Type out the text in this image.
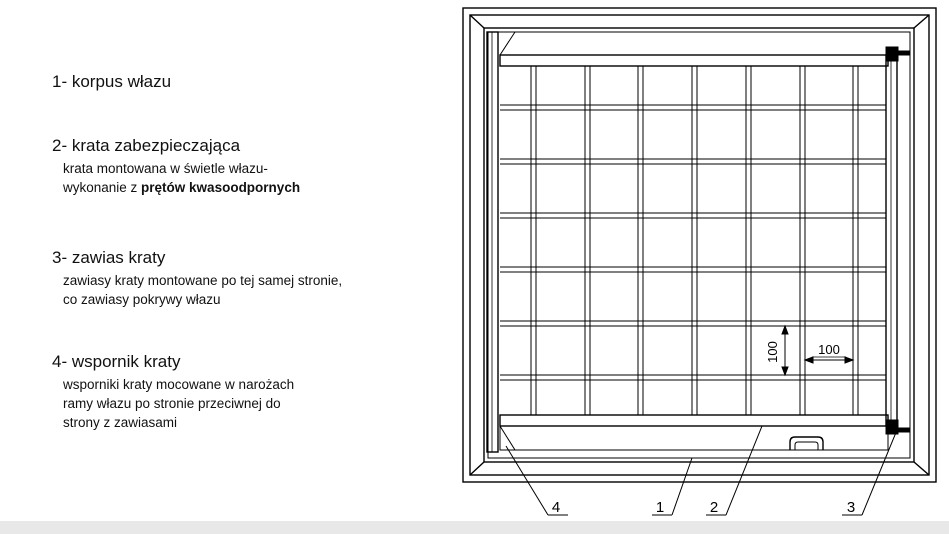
1- korpus włazu

2- krata zabezpieczająca

krata montowana w świetle włazu-
wykonanie z prętów kwasoodpornych

3- zawias kraty

zawiasy kraty montowane po tej samej stronie,
co zawiasy pokrywy włazu

4- wspornik kraty

wsporniki kraty mocowane w narożach
ramy włazu po stronie przeciwnej do
strony z zawiasami
100	100
4	1	2	3
